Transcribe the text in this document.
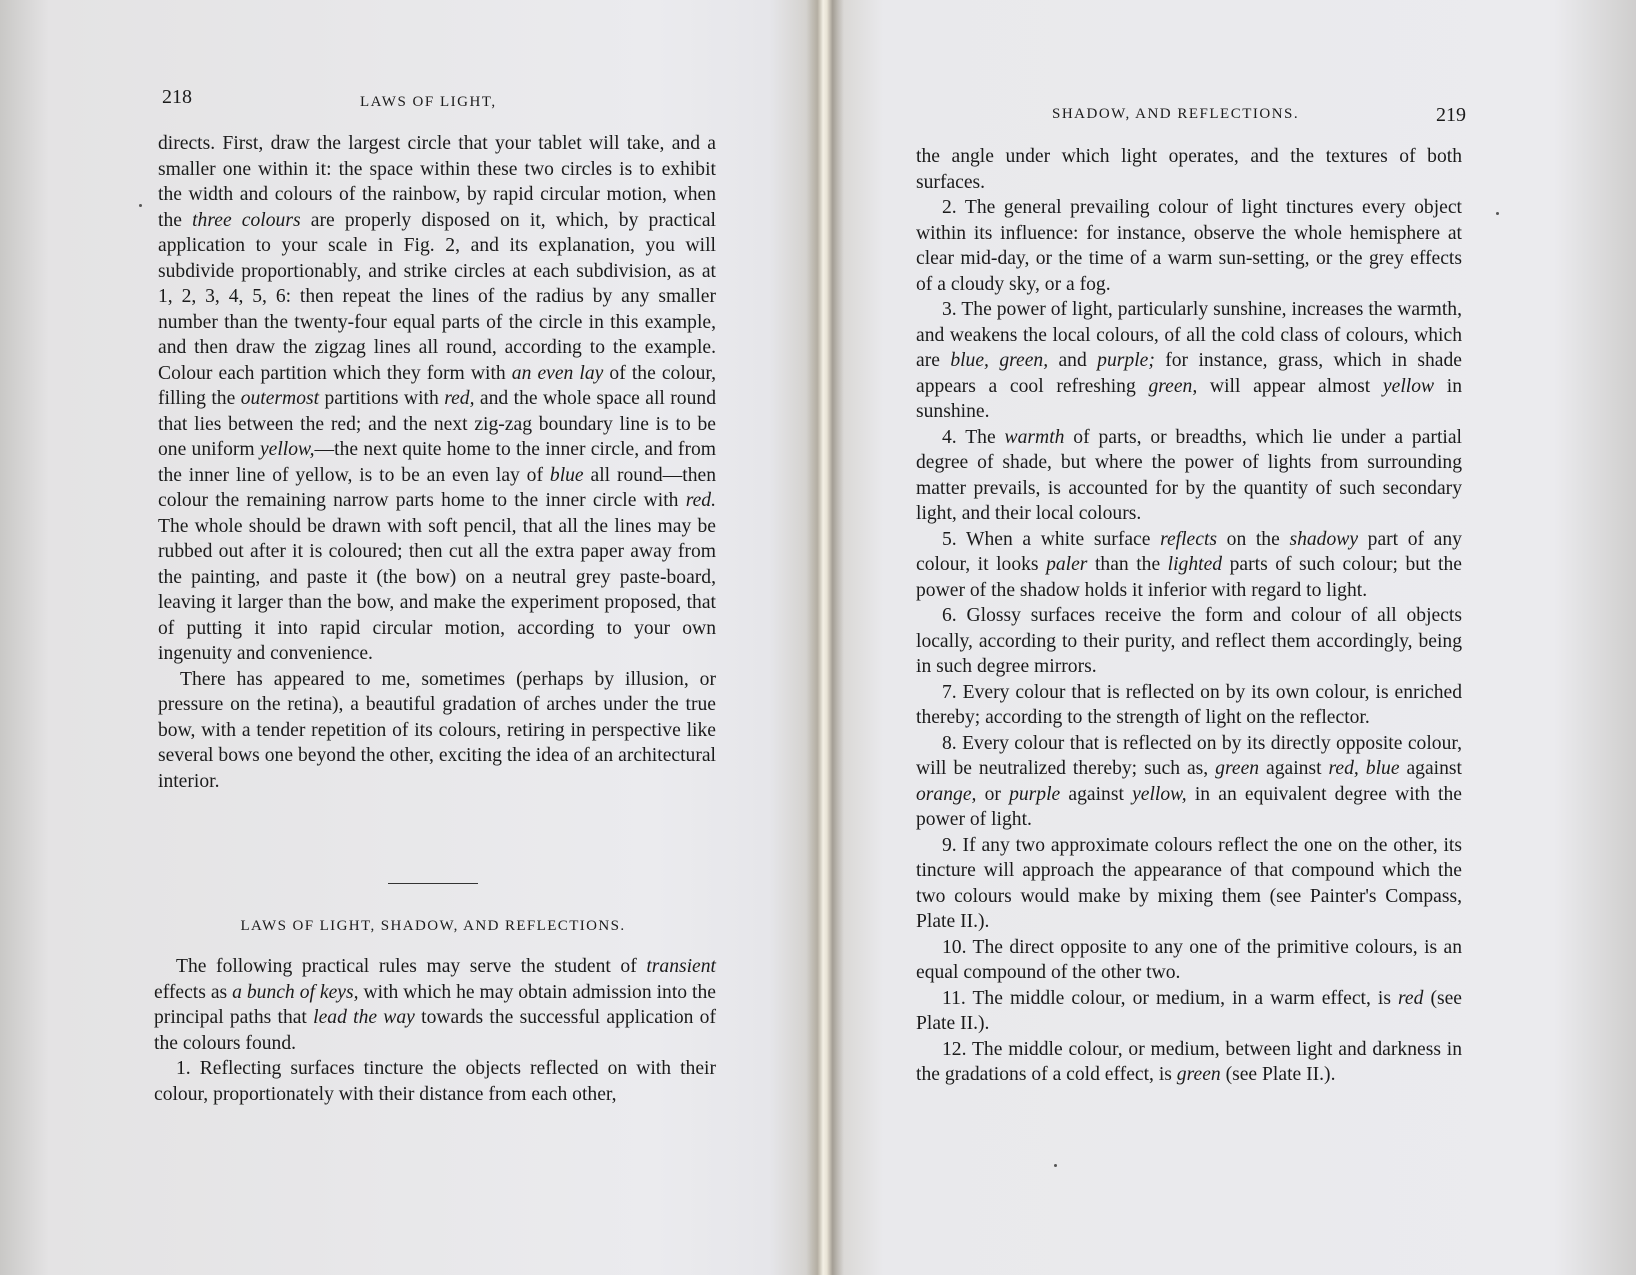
218	LAWS OF LIGHT,

directs. First, draw the largest circle that your tablet will take, and a smaller one within it: the space within these two circles is to exhibit the width and colours of the rainbow, by rapid circular motion, when the three colours are properly disposed on it, which, by practical application to your scale in Fig. 2, and its explanation, you will subdivide proportionably, and strike circles at each subdivision, as at 1, 2, 3, 4, 5, 6: then repeat the lines of the radius by any smaller number than the twenty-four equal parts of the circle in this example, and then draw the zigzag lines all round, according to the example. Colour each partition which they form with an even lay of the colour, filling the outermost partitions with red, and the whole space all round that lies between the red; and the next zig-zag boundary line is to be one uniform yellow,—the next quite home to the inner circle, and from the inner line of yellow, is to be an even lay of blue all round—then colour the remaining narrow parts home to the inner circle with red. The whole should be drawn with soft pencil, that all the lines may be rubbed out after it is coloured; then cut all the extra paper away from the painting, and paste it (the bow) on a neutral grey paste-board, leaving it larger than the bow, and make the experiment proposed, that of putting it into rapid circular motion, according to your own ingenuity and convenience.

There has appeared to me, sometimes (perhaps by illusion, or pressure on the retina), a beautiful gradation of arches under the true bow, with a tender repetition of its colours, retiring in perspective like several bows one beyond the other, exciting the idea of an architectural interior.

LAWS OF LIGHT, SHADOW, AND REFLECTIONS.

The following practical rules may serve the student of transient effects as a bunch of keys, with which he may obtain admission into the principal paths that lead the way towards the successful application of the colours found.

1. Reflecting surfaces tincture the objects reflected on with their colour, proportionately with their distance from each other,

SHADOW, AND REFLECTIONS.	219

the angle under which light operates, and the textures of both surfaces.

2. The general prevailing colour of light tinctures every object within its influence: for instance, observe the whole hemisphere at clear mid-day, or the time of a warm sun-setting, or the grey effects of a cloudy sky, or a fog.

3. The power of light, particularly sunshine, increases the warmth, and weakens the local colours, of all the cold class of colours, which are blue, green, and purple; for instance, grass, which in shade appears a cool refreshing green, will appear almost yellow in sunshine.

4. The warmth of parts, or breadths, which lie under a partial degree of shade, but where the power of lights from surrounding matter prevails, is accounted for by the quantity of such secondary light, and their local colours.

5. When a white surface reflects on the shadowy part of any colour, it looks paler than the lighted parts of such colour; but the power of the shadow holds it inferior with regard to light.

6. Glossy surfaces receive the form and colour of all objects locally, according to their purity, and reflect them accordingly, being in such degree mirrors.

7. Every colour that is reflected on by its own colour, is enriched thereby; according to the strength of light on the reflector.

8. Every colour that is reflected on by its directly opposite colour, will be neutralized thereby; such as, green against red, blue against orange, or purple against yellow, in an equivalent degree with the power of light.

9. If any two approximate colours reflect the one on the other, its tincture will approach the appearance of that compound which the two colours would make by mixing them (see Painter's Compass, Plate II.).

10. The direct opposite to any one of the primitive colours, is an equal compound of the other two.

11. The middle colour, or medium, in a warm effect, is red (see Plate II.).

12. The middle colour, or medium, between light and darkness in the gradations of a cold effect, is green (see Plate II.).
